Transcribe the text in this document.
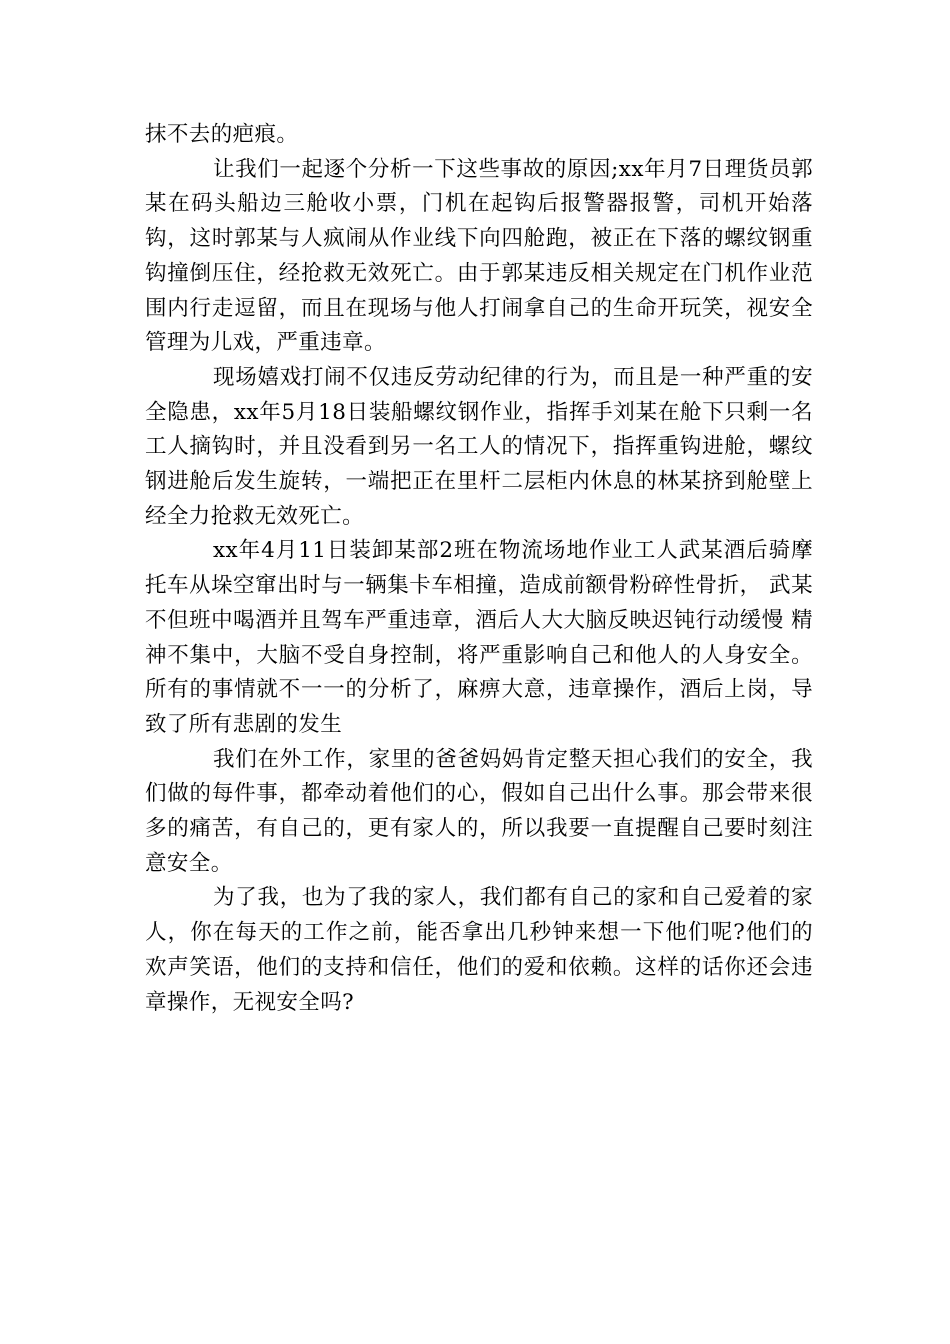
抹不去的疤痕。

让我们一起逐个分析一下这些事故的原因;xx年月7日理货员郭某在码头船边三舱收小票，门机在起钩后报警器报警，司机开始落钩，这时郭某与人疯闹从作业线下向四舱跑，被正在下落的螺纹钢重钩撞倒压住，经抢救无效死亡。由于郭某违反相关规定在门机作业范围内行走逗留，而且在现场与他人打闹拿自己的生命开玩笑，视安全管理为儿戏，严重违章。

现场嬉戏打闹不仅违反劳动纪律的行为，而且是一种严重的安全隐患，xx年5月18日装船螺纹钢作业，指挥手刘某在舱下只剩一名工人摘钩时，并且没看到另一名工人的情况下，指挥重钩进舱，螺纹钢进舱后发生旋转，一端把正在里杆二层柜内休息的林某挤到舱壁上经全力抢救无效死亡。

xx年4月11日装卸某部2班在物流场地作业工人武某酒后骑摩托车从垛空窜出时与一辆集卡车相撞，造成前额骨粉碎性骨折， 武某不但班中喝酒并且驾车严重违章，酒后人大大脑反映迟钝行动缓慢 精神不集中，大脑不受自身控制，将严重影响自己和他人的人身安全。所有的事情就不一一的分析了，麻痹大意，违章操作，酒后上岗，导致了所有悲剧的发生

我们在外工作，家里的爸爸妈妈肯定整天担心我们的安全，我们做的每件事，都牵动着他们的心，假如自己出什么事。那会带来很多的痛苦，有自己的，更有家人的，所以我要一直提醒自己要时刻注意安全。

为了我，也为了我的家人，我们都有自己的家和自己爱着的家人，你在每天的工作之前，能否拿出几秒钟来想一下他们呢?他们的欢声笑语，他们的支持和信任，他们的爱和依赖。这样的话你还会违章操作，无视安全吗?
